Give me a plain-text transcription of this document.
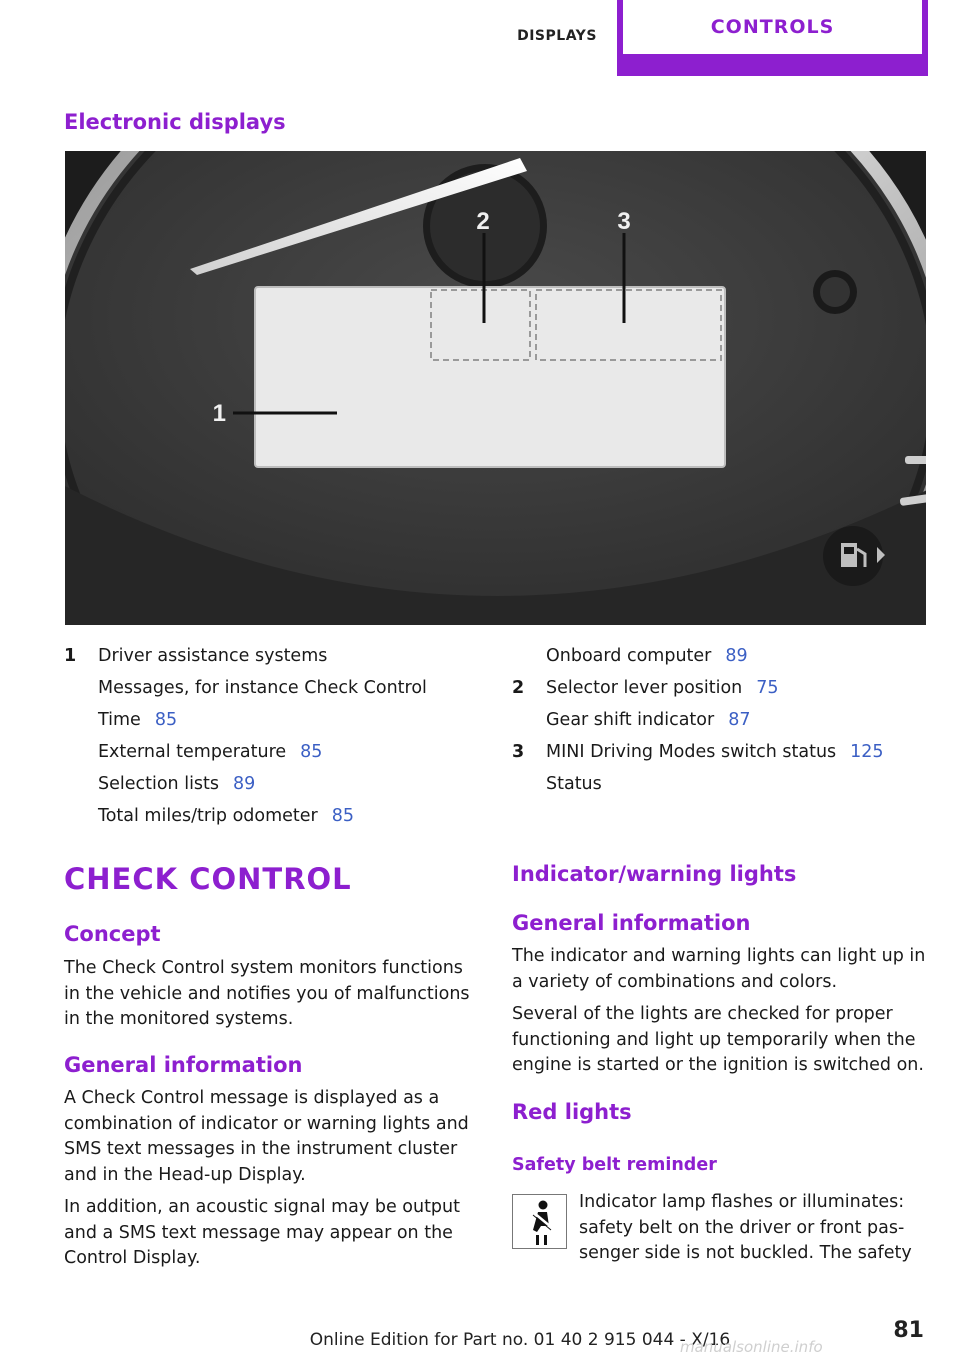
DISPLAYS	CONTROLS
Electronic displays
2	3
1
1	Driver assistance systems
Messages, for instance Check Control
Time 85
External temperature 85
Selection lists 89
Total miles/trip odometer 85
Onboard computer 89
2	Selector lever position 75
Gear shift indicator 87
3	MINI Driving Modes switch status 125
Status
CHECK CONTROL
Concept

The Check Control system monitors functions in the vehicle and notifies you of malfunctions in the monitored systems.

General information

A Check Control message is displayed as a combination of indicator or warning lights and SMS text messages in the instrument cluster and in the Head-up Display.

In addition, an acoustic signal may be output and a SMS text message may appear on the Control Display.

Indicator/warning lights
General information

The indicator and warning lights can light up in a variety of combinations and colors.

Several of the lights are checked for proper functioning and light up temporarily when the engine is started or the ignition is switched on.

Red lights
Safety belt reminder

Indicator lamp flashes or illuminates: safety belt on the driver or front passenger side is not buckled. The safety

Online Edition for Part no. 01 40 2 915 044 - X/16	81
manualsonline.info
